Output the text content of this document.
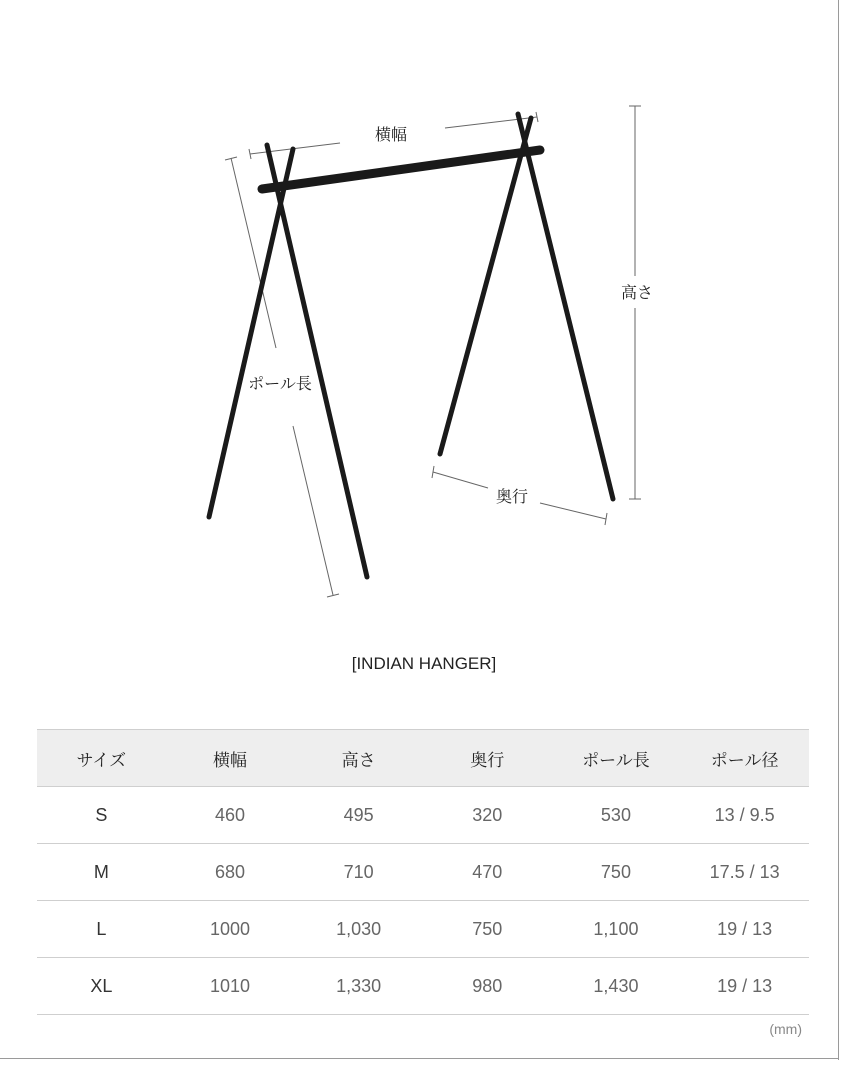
横幅
高さ
ポール長
奥行
[INDIAN HANGER]
サイズ	横幅	高さ	奥行	ポール長	ポール径
S	460	495	320	530	13 / 9.5
M	680	710	470	750	17.5 / 13
L	1000	1,030	750	1,100	19 / 13
XL	1010	1,330	980	1,430	19 / 13
(mm)
